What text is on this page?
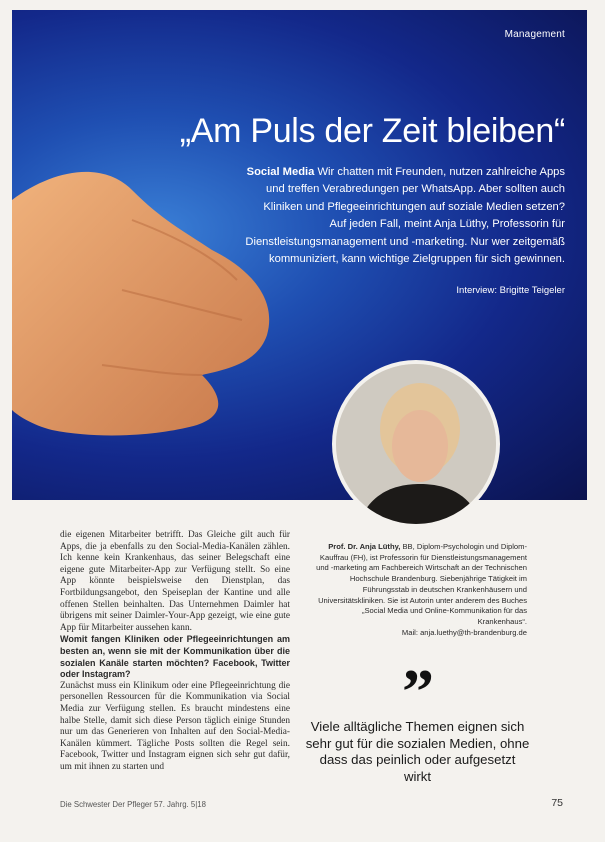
Management
„Am Puls der Zeit bleiben“

Social Media Wir chatten mit Freunden, nutzen zahlreiche Apps und treffen Verabredungen per WhatsApp. Aber sollten auch Kliniken und Pflegeeinrichtungen auf soziale Medien setzen? Auf jeden Fall, meint Anja Lüthy, Professorin für Dienstleistungsmanagement und -marketing. Nur wer zeitgemäß kommuniziert, kann wichtige Zielgruppen für sich gewinnen.

Interview: Brigitte Teigeler

die eigenen Mitarbeiter betrifft. Das Gleiche gilt auch für Apps, die ja ebenfalls zu den Social-Media-Kanälen zählen. Ich kenne kein Krankenhaus, das seiner Belegschaft eine eigene gute Mitarbeiter-App zur Verfügung stellt. So eine App könnte beispielsweise den Dienstplan, das Fortbildungsangebot, den Speiseplan der Kantine und alle offenen Stellen beinhalten. Das Unternehmen Daimler hat übrigens mit seiner Daimler-Your-App gezeigt, wie eine gute App für Mitarbeiter aussehen kann.

Womit fangen Kliniken oder Pflegeeinrichtungen am besten an, wenn sie mit der Kommunikation über die sozialen Kanäle starten möchten? Facebook, Twitter oder Instagram?

Zunächst muss ein Klinikum oder eine Pflegeeinrichtung die personellen Ressourcen für die Kommunikation via Social Media zur Verfügung stellen. Es braucht mindestens eine halbe Stelle, damit sich diese Person täglich einige Stunden nur um das Generieren von Inhalten auf den Social-Media-Kanälen kümmert. Tägliche Posts sollten die Regel sein. Facebook, Twitter und Instagram eignen sich sehr gut dafür, um mit ihnen zu starten und

Prof. Dr. Anja Lüthy, BB, Diplom-Psychologin und Diplom-Kauffrau (FH), ist Professorin für Dienstleistungsmanagement und -marketing am Fachbereich Wirtschaft an der Technischen Hochschule Brandenburg. Siebenjährige Tätigkeit im Führungsstab in deutschen Krankenhäusern und Universitätskliniken. Sie ist Autorin unter anderem des Buches „Social Media und Online-Kommunikation für das Krankenhaus“.
Mail: anja.luethy@th-brandenburg.de
”
Viele alltägliche Themen eignen sich sehr gut für die sozialen Medien, ohne dass das peinlich oder aufgesetzt wirkt
Die Schwester Der Pfleger 57. Jahrg. 5|18	75
